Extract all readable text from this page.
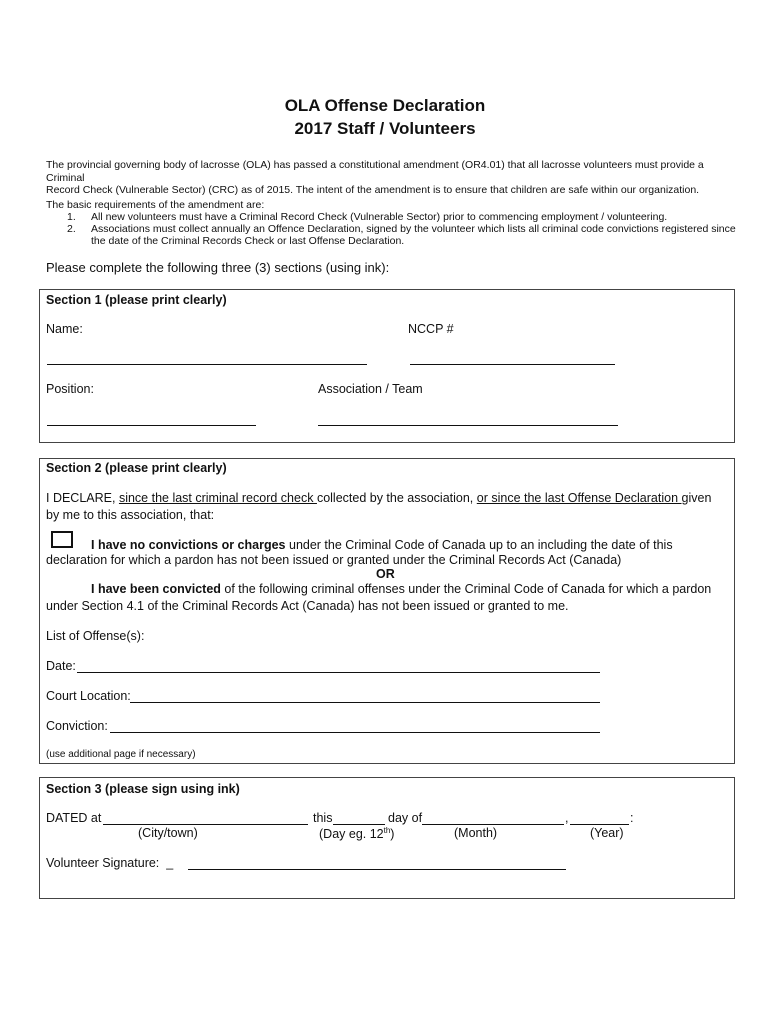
OLA Offense Declaration
2017 Staff / Volunteers
The provincial governing body of lacrosse (OLA) has passed a constitutional amendment (OR4.01) that all lacrosse volunteers must provide a Criminal
Record Check (Vulnerable Sector) (CRC) as of 2015. The intent of the amendment is to ensure that children are safe within our organization.
The basic requirements of the amendment are:
1. All new volunteers must have a Criminal Record Check (Vulnerable Sector) prior to commencing employment / volunteering.
2. Associations must collect annually an Offence Declaration, signed by the volunteer which lists all criminal code convictions registered since
the date of the Criminal Records Check or last Offense Declaration.
Please complete the following three (3) sections (using ink):
Section 1 (please print clearly)
Name:	NCCP #
Position:	Association / Team
Section 2 (please print clearly)
I DECLARE, since the last criminal record check collected by the association, or since the last Offense Declaration given
by me to this association, that:
I have no convictions or charges under the Criminal Code of Canada up to an including the date of this
declaration for which a pardon has not been issued or granted under the Criminal Records Act (Canada)
OR
I have been convicted of the following criminal offenses under the Criminal Code of Canada for which a pardon
under Section 4.1 of the Criminal Records Act (Canada) has not been issued or granted to me.
List of Offense(s):
Date:
Court Location:
Conviction:
(use additional page if necessary)
Section 3 (please sign using ink)
DATED at	this	day of	,	:
(City/town)	(Day eg. 12th)	(Month)	(Year)
Volunteer Signature:  _
